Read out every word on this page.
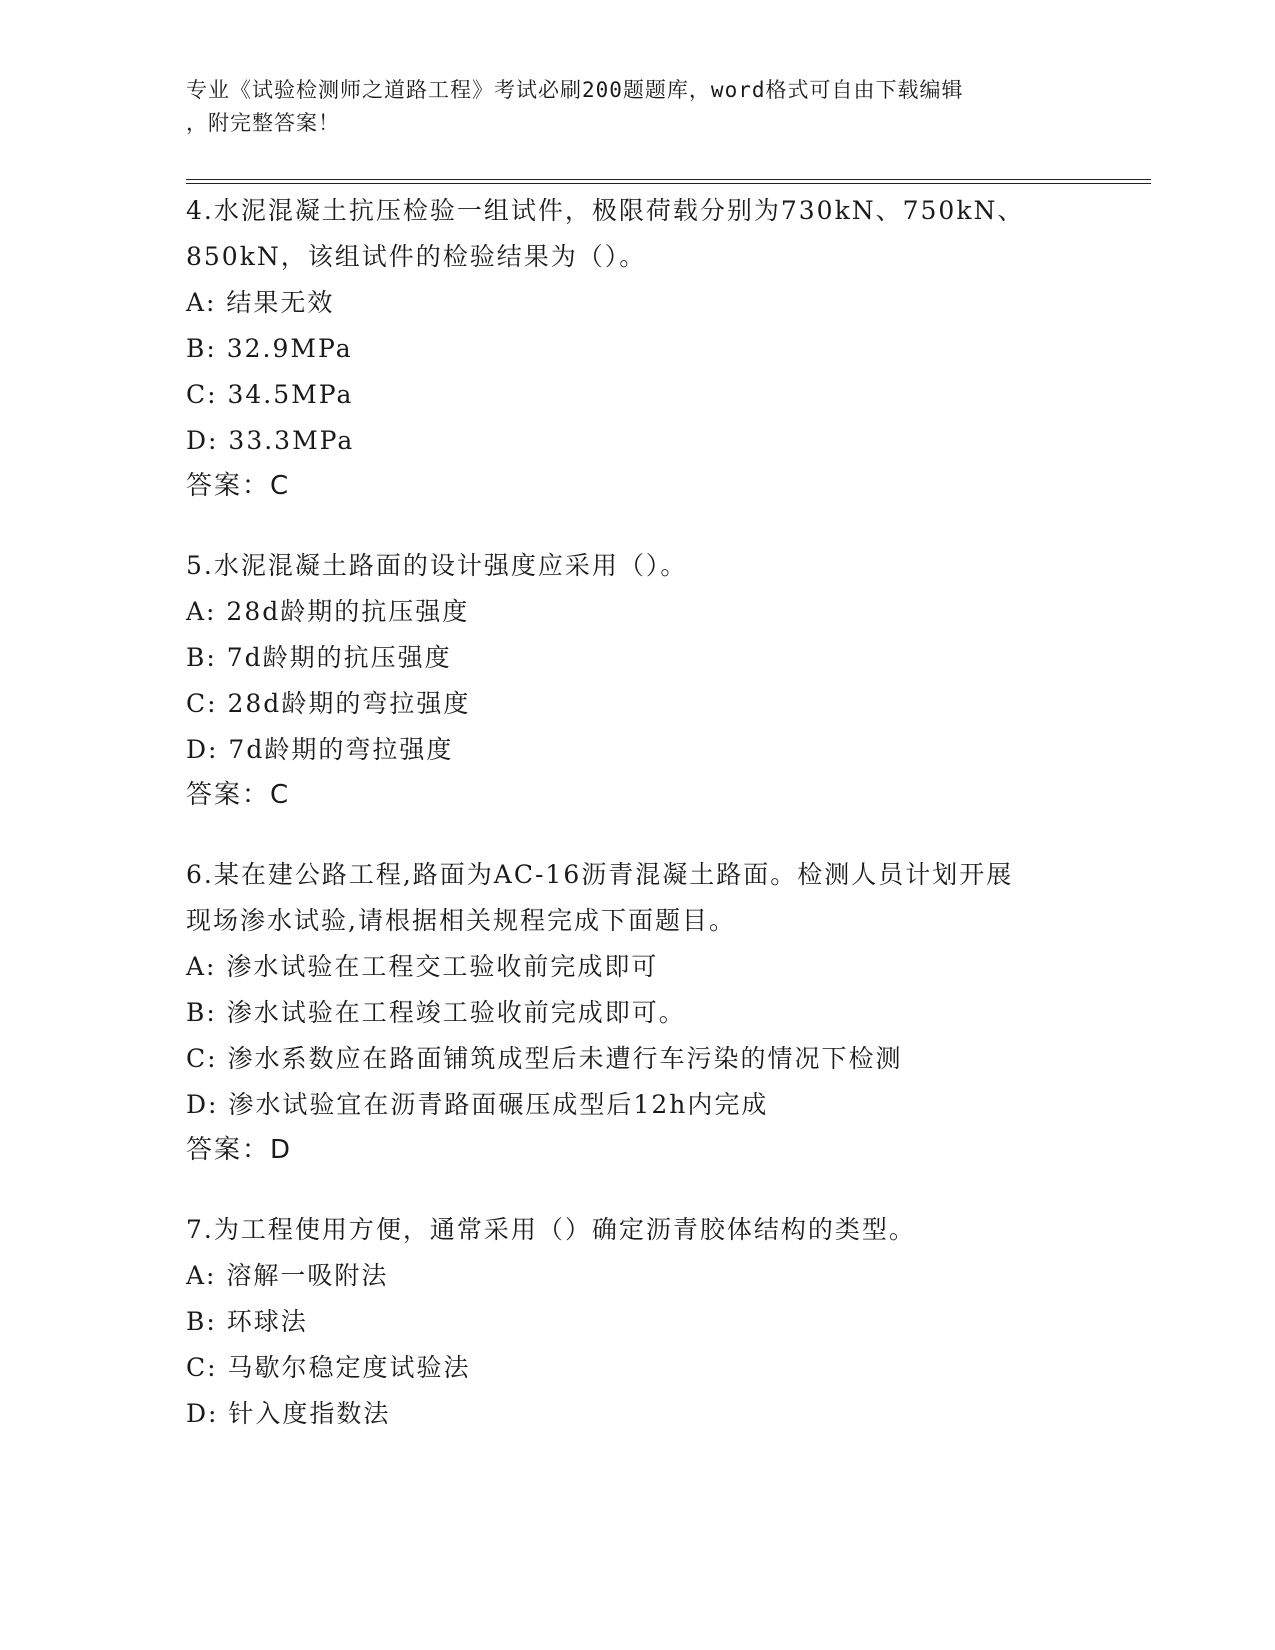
专业《试验检测师之道路工程》考试必刷200题题库，word格式可自由下载编辑
，附完整答案！
4.水泥混凝土抗压检验一组试件，极限荷载分别为730kN、750kN、
850kN，该组试件的检验结果为（）。
A: 结果无效
B: 32.9MPa
C: 34.5MPa
D: 33.3MPa
答案：C
5.水泥混凝土路面的设计强度应采用（）。
A: 28d龄期的抗压强度
B: 7d龄期的抗压强度
C: 28d龄期的弯拉强度
D: 7d龄期的弯拉强度
答案：C
6.某在建公路工程,路面为AC-16沥青混凝土路面。检测人员计划开展
现场渗水试验,请根据相关规程完成下面题目。
A: 渗水试验在工程交工验收前完成即可
B: 渗水试验在工程竣工验收前完成即可。
C: 渗水系数应在路面铺筑成型后未遭行车污染的情况下检测
D: 渗水试验宜在沥青路面碾压成型后12h内完成
答案：D
7.为工程使用方便，通常采用（）确定沥青胶体结构的类型。
A: 溶解一吸附法
B: 环球法
C: 马歇尔稳定度试验法
D: 针入度指数法
